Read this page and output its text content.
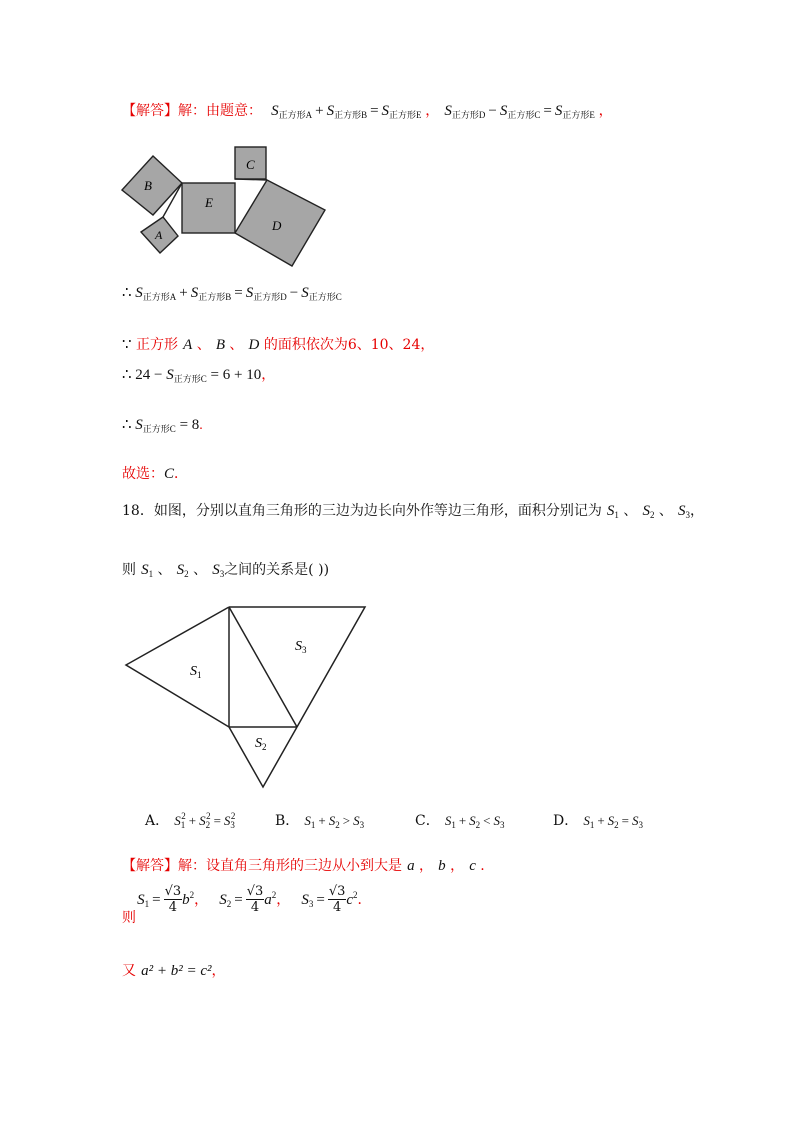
【解答】解：由题意： $S_{正方形A} + S_{正方形B} = S_{正方形E}$ ， $S_{正方形D} - S_{正方形C} = S_{正方形E}$ ，
B
A
E
C
D
∴ $S_{正方形A} + S_{正方形B} = S_{正方形D} - S_{正方形C}$
∵ 正方形 A 、 B 、 D 的面积依次为6、10、24，
∴ $24 - S_{正方形C} = 6 + 10$，
∴ $S_{正方形C} = 8$.
故选：C．
18．如图，分别以直角三角形的三边为边长向外作等边三角形，面积分别记为 $S_1$ 、 $S_2$ 、 $S_3$，
则 $S_1$ 、 $S_2$ 、 $S_3$之间的关系是( ))
$S_1$
$S_2$
$S_3$
A． $S_1^2 + S_2^2 = S_3^2$	B． $S_1 + S_2 > S_3$	C． $S_1 + S_2 < S_3$	D． $S_1 + S_2 = S_3$
【解答】解：设直角三角形的三边从小到大是 a ， b ， c .
则 $S_1 = \frac{√3}{4} b^2$， $S_2 = \frac{√3}{4} a^2$， $S_3 = \frac{√3}{4} c^2$．
又 a² + b² = c²，
